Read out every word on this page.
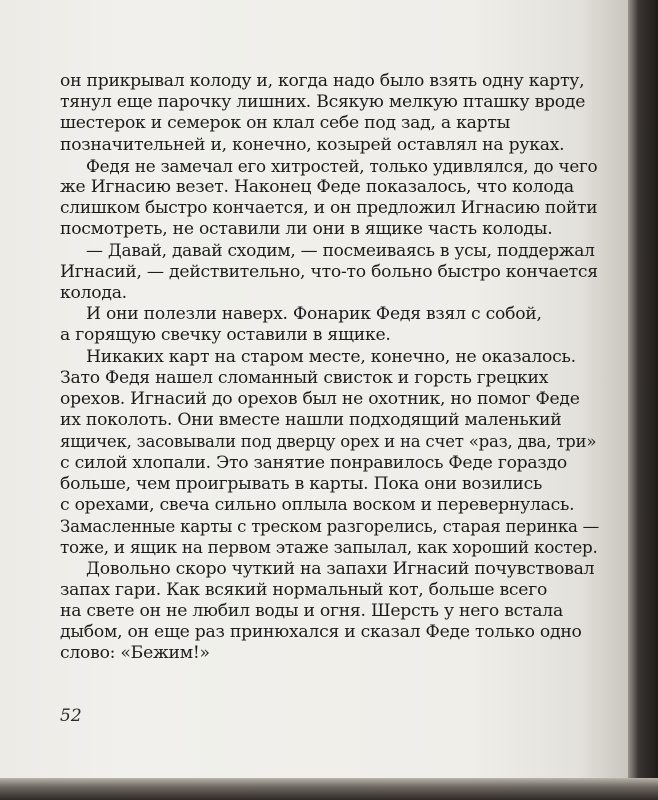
он прикрывал колоду и, когда надо было взять одну карту,
тянул еще парочку лишних. Всякую мелкую пташку вроде
шестерок и семерок он клал себе под зад, а карты
позначительней и, конечно, козырей оставлял на руках.
Федя не замечал его хитростей, только удивлялся, до чего
же Игнасию везет. Наконец Феде показалось, что колода
слишком быстро кончается, и он предложил Игнасию пойти
посмотреть, не оставили ли они в ящике часть колоды.
— Давай, давай сходим, — посмеиваясь в усы, поддержал
Игнасий, — действительно, что-то больно быстро кончается
колода.
И они полезли наверх. Фонарик Федя взял с собой,
а горящую свечку оставили в ящике.
Никаких карт на старом месте, конечно, не оказалось.
Зато Федя нашел сломанный свисток и горсть грецких
орехов. Игнасий до орехов был не охотник, но помог Феде
их поколоть. Они вместе нашли подходящий маленький
ящичек, засовывали под дверцу орех и на счет «раз, два, три»
с силой хлопали. Это занятие понравилось Феде гораздо
больше, чем проигрывать в карты. Пока они возились
с орехами, свеча сильно оплыла воском и перевернулась.
Замасленные карты с треском разгорелись, старая перинка —
тоже, и ящик на первом этаже запылал, как хороший костер.
Довольно скоро чуткий на запахи Игнасий почувствовал
запах гари. Как всякий нормальный кот, больше всего
на свете он не любил воды и огня. Шерсть у него встала
дыбом, он еще раз принюхался и сказал Феде только одно
слово: «Бежим!»
52
